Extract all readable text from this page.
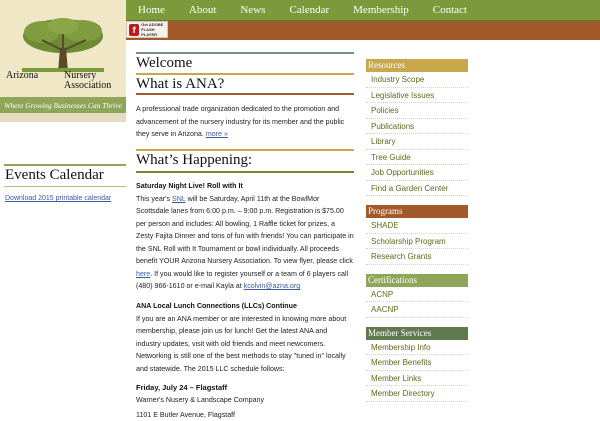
Home	About	News	Calendar	Membership	Contact
f	Get ADOBE
FLASH PLAYER
Arizona	Nursery
Association
Where Growing Businesses Can Thrive
Events Calendar
Download 2015 printable calendar
Welcome
What is ANA?

A professional trade organization dedicated to the promotion and advancement of the nursery industry for its member and the public they serve in Arizona. more »

What’s Happening:
Saturday Night Live! Roll with It

This year's SNL will be Saturday, April 11th at the BowlMor Scottsdale lanes from 6:00 p.m. – 9:00 p.m. Registration is $75.00 per person and includes: All bowling, 1 Raffle ticket for prizes, a Zesty Fajita Dinner and tons of fun with friends! You can participate in the SNL Roll with It Tournament or bowl individually. All proceeds benefit YOUR Arizona Nursery Association. To view flyer, please click here. If you would like to register yourself or a team of 6 players call (480) 966-1610 or e-mail Kayla at kcolvin@azna.org

ANA Local Lunch Connections (LLCs) Continue

If you are an ANA member or are interested in knowing more about membership, please join us for lunch! Get the latest ANA and industry updates, visit with old friends and meet newcomers. Networking is still one of the best methods to stay "tuned in" locally and statewide. The 2015 LLC schedule follows:

Friday, July 24 – Flagstaff
Warner's Nusery & Landscape Company
1101 E Butler Avenue, Flagstaff
Resources
Industry Scope
Legislative Issues
Policies
Publications
Library
Tree Guide
Job Opportunities
Find a Garden Center
Programs
SHADE
Scholarship Program
Research Grants
Certifications
ACNP
AACNP
Member Services
Membership Info
Member Benefits
Member Links
Member Directory
